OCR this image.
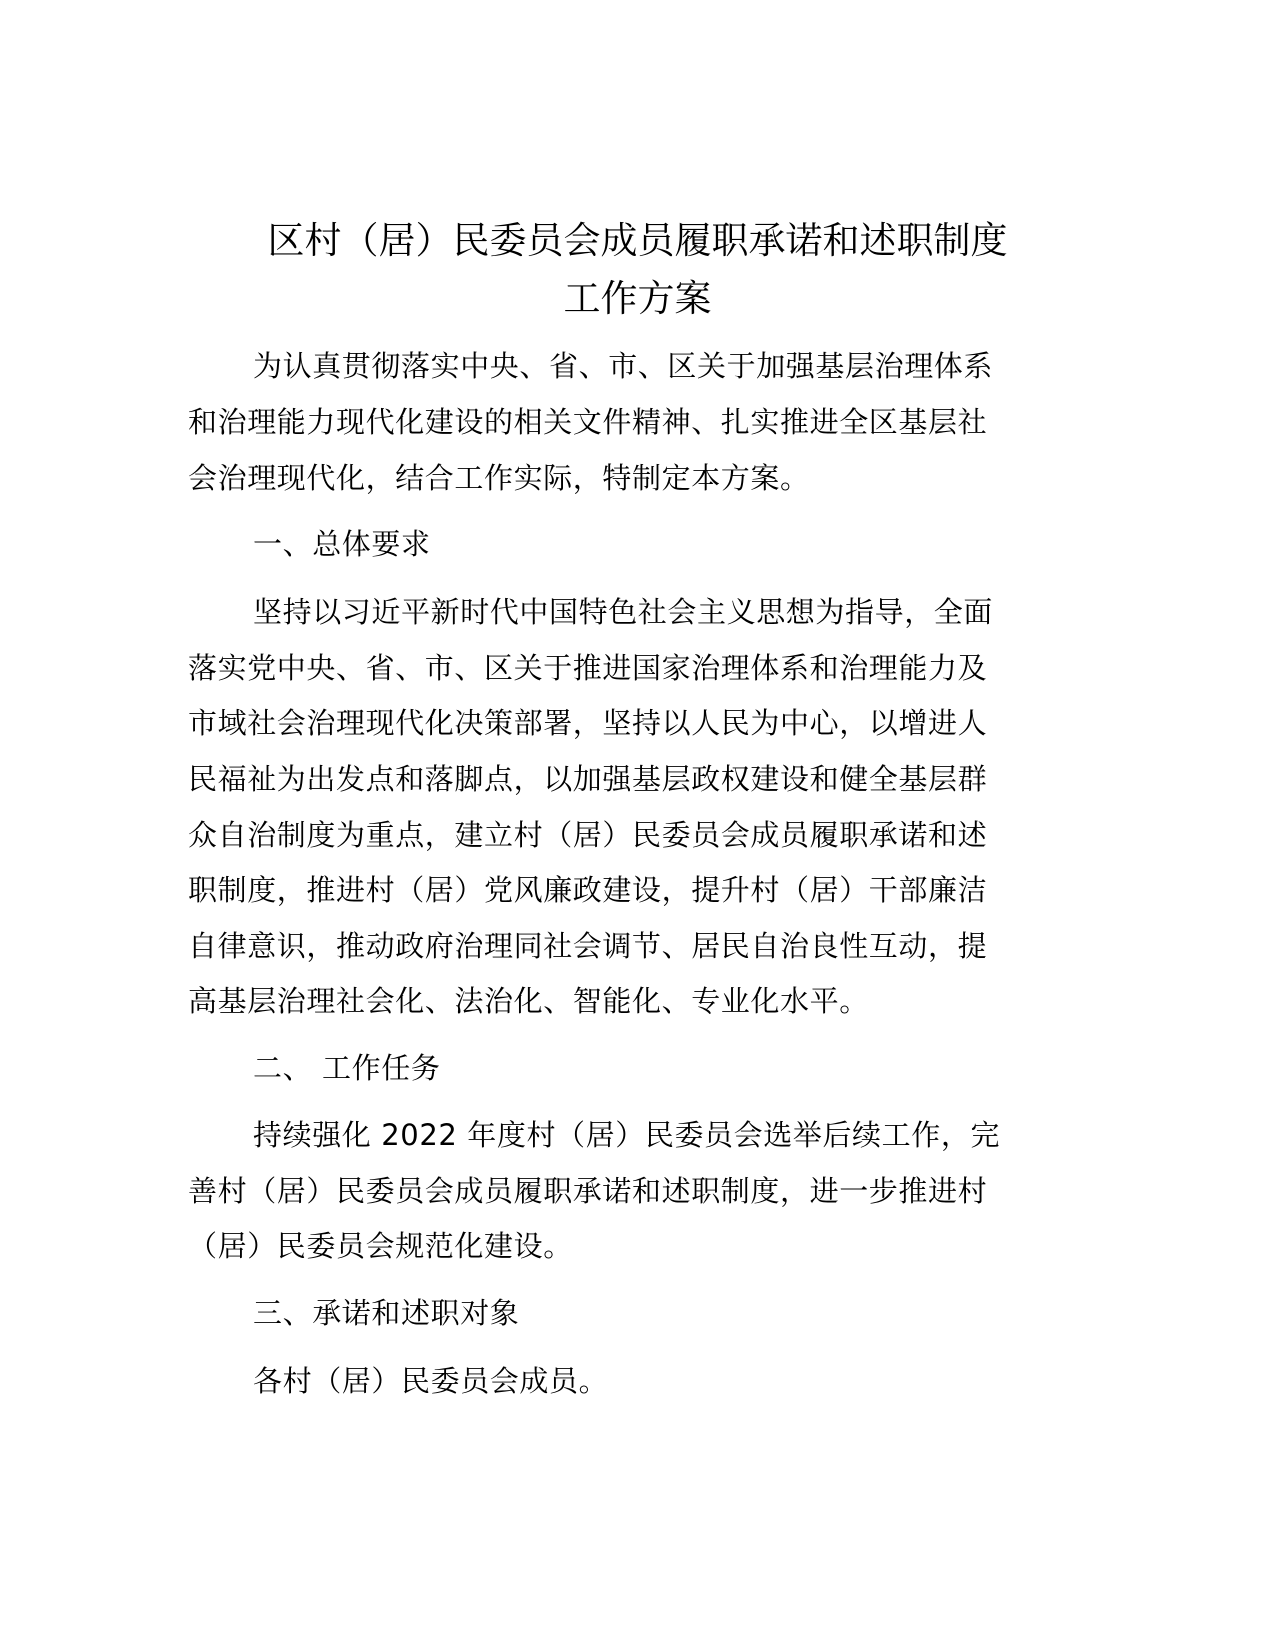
区村（居）民委员会成员履职承诺和述职制度
工作方案
为认真贯彻落实中央、省、市、区关于加强基层治理体系
和治理能力现代化建设的相关文件精神、扎实推进全区基层社
会治理现代化，结合工作实际，特制定本方案。
一、总体要求
坚持以习近平新时代中国特色社会主义思想为指导，全面
落实党中央、省、市、区关于推进国家治理体系和治理能力及
市域社会治理现代化决策部署，坚持以人民为中心，以增进人
民福祉为出发点和落脚点，以加强基层政权建设和健全基层群
众自治制度为重点，建立村（居）民委员会成员履职承诺和述
职制度，推进村（居）党风廉政建设，提升村（居）干部廉洁
自律意识，推动政府治理同社会调节、居民自治良性互动，提
高基层治理社会化、法治化、智能化、专业化水平。
二、 工作任务
持续强化 2022 年度村（居）民委员会选举后续工作，完
善村（居）民委员会成员履职承诺和述职制度，进一步推进村
（居）民委员会规范化建设。
三、承诺和述职对象
各村（居）民委员会成员。
